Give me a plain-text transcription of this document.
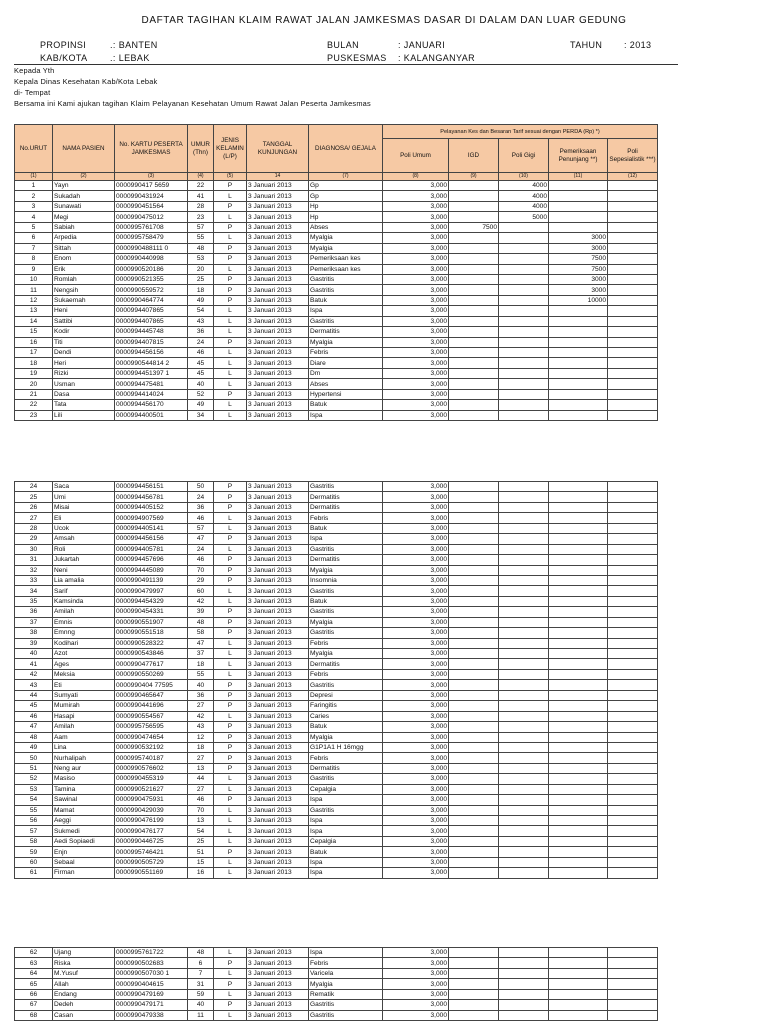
DAFTAR TAGIHAN KLAIM RAWAT JALAN JAMKESMAS DASAR DI DALAM DAN LUAR GEDUNG
PROPINSI	.: BANTEN
KAB/KOTA .: LEBAK
BULAN	: JANUARI
PUSKESMAS : KALANGANYAR
TAHUN : 2013
Kepada Yth
Kepala Dinas Kesehatan Kab/Kota Lebak
di- Tempat
Bersama ini Kami ajukan tagihan Klaim Pelayanan Kesehatan Umum Rawat Jalan Peserta Jamkesmas
No.URUT	NAMA PASIEN	No. KARTU PESERTA JAMKESMAS	UMUR (Thn)	JENIS KELAMIN (L/P)	TANGGAL KUNJUNGAN	DIAGNOSA/ GEJALA	Pelayanan Kes dan Besaran Tarif sesuai dengan PERDA (Rp) *)				
							Poli Umum	IGD	Poli Gigi	Pemeriksaan Penunjang **)	Poli Sepesialistik ***)
(1)	(2)	(3)	(4)	(5)	14	(7)	(8)	(9)	(10)	(11)	(12)
1	Yayn	0000990417 5659	22	P	3 Januari 2013	Gp	3,000		4000		
2	Sukadah	0000990431924	41	L	3 Januari 2013	Gp	3,000		4000		
3	Sunawati	0000990451564	28	P	3 Januari 2013	Hp	3,000		4000		
4	Megi	0000990475012	23	L	3 Januari 2013	Hp	3,000		5000		
5	Sabiah	0000995761708	57	P	3 Januari 2013	Abses	3,000	7500			
6	Arpedia	0000995758479	55	L	3 Januari 2013	Myalgia	3,000			3000	
7	Sittah	0000990488111 0	48	P	3 Januari 2013	Myalgia	3,000			3000	
8	Enom	0000990440998	53	P	3 Januari 2013	Pemeriksaan kes	3,000			7500	
9	Erik	0000990520186	20	L	3 Januari 2013	Pemeriksaan kes	3,000			7500	
10	Romlah	0000990521355	25	P	3 Januari 2013	Gastritis	3,000			3000	
11	Nengsih	0000990559572	18	P	3 Januari 2013	Gastritis	3,000			3000	
12	Sukaemah	0000990464774	49	P	3 Januari 2013	Batuk	3,000			10000	
13	Heni	0000994407865	54	L	3 Januari 2013	Ispa	3,000				
14	Sattibi	0000994407865	43	L	3 Januari 2013	Gastritis	3,000				
15	Kodir	0000994445748	36	L	3 Januari 2013	Dermatitis	3,000				
16	Titi	0000994407815	24	P	3 Januari 2013	Myalgia	3,000				
17	Dendi	0000994456156	46	L	3 Januari 2013	Febris	3,000				
18	Heri	0000990544814 2	45	L	3 Januari 2013	Diare	3,000				
19	Rizki	0000994451397 1	45	L	3 Januari 2013	Dm	3,000				
20	Usman	0000994475481	40	L	3 Januari 2013	Abses	3,000				
21	Dasa	0000994414024	52	P	3 Januari 2013	Hypertensi	3,000				
22	Tata	0000994456170	49	L	3 Januari 2013	Batuk	3,000				
23	Lili	0000994400501	34	L	3 Januari 2013	Ispa	3,000				
24	Saca	0000994456151	50	P	3 Januari 2013	Gastritis	3,000				
25	Umi	0000994456781	24	P	3 Januari 2013	Dermatitis	3,000				
26	Misai	0000994405152	36	P	3 Januari 2013	Dermatitis	3,000				
27	Eli	0000994907569	46	L	3 Januari 2013	Febris	3,000				
28	Ucok	0000994405141	57	L	3 Januari 2013	Batuk	3,000				
29	Amsah	0000994456156	47	P	3 Januari 2013	Ispa	3,000				
30	Roli	0000994405781	24	L	3 Januari 2013	Gastritis	3,000				
31	Jukartah	0000994457696	46	P	3 Januari 2013	Dermatitis	3,000				
32	Neni	0000994445089	70	P	3 Januari 2013	Myalgia	3,000				
33	Lia amalia	0000990491139	29	P	3 Januari 2013	Insomnia	3,000				
34	Sarif	0000990479997	60	L	3 Januari 2013	Gastritis	3,000				
35	Kamsinda	0000994454329	42	L	3 Januari 2013	Batuk	3,000				
36	Amilah	0000990454331	39	P	3 Januari 2013	Gastritis	3,000				
37	Emnis	0000990551907	48	P	3 Januari 2013	Myalgia	3,000				
38	Emnng	0000990551518	58	P	3 Januari 2013	Gastritis	3,000				
39	Kodihari	0000990528322	47	L	3 Januari 2013	Febris	3,000				
40	Azot	0000990543846	37	L	3 Januari 2013	Myalgia	3,000				
41	Ages	0000990477617	18	L	3 Januari 2013	Dermatitis	3,000				
42	Meksia	0000990550269	55	L	3 Januari 2013	Febris	3,000				
43	Eti	0000990404 77595	40	P	3 Januari 2013	Gastritis	3,000				
44	Sumyati	0000990465647	36	P	3 Januari 2013	Depresi	3,000				
45	Mumirah	0000990441696	27	P	3 Januari 2013	Faringitis	3,000				
46	Hasapi	0000990554567	42	L	3 Januari 2013	Caries	3,000				
47	Amilah	0000995756595	43	P	3 Januari 2013	Batuk	3,000				
48	Aam	0000990474654	12	P	3 Januari 2013	Myalgia	3,000				
49	Lina	0000990532192	18	P	3 Januari 2013	G1P1A1 H 16mgg	3,000				
50	Nurhalipah	0000995740187	27	P	3 Januari 2013	Febris	3,000				
51	Neng aur	0000990576602	13	P	3 Januari 2013	Dermatitis	3,000				
52	Masiso	0000990455319	44	L	3 Januari 2013	Gastritis	3,000				
53	Tamina	0000990521627	27	L	3 Januari 2013	Cepalgia	3,000				
54	Sawinal	0000990475931	46	P	3 Januari 2013	Ispa	3,000				
55	Mamat	0000990429039	70	L	3 Januari 2013	Gastritis	3,000				
56	Aeggi	0000990476199	13	L	3 Januari 2013	Ispa	3,000				
57	Sukmedi	0000990476177	54	L	3 Januari 2013	Ispa	3,000				
58	Aedi Sopiaedi	0000990446725	25	L	3 Januari 2013	Cepalgia	3,000				
59	Enjn	0000995746421	51	P	3 Januari 2013	Batuk	3,000				
60	Sebaal	0000990505729	15	L	3 Januari 2013	Ispa	3,000				
61	Firman	0000990551169	16	L	3 Januari 2013	Ispa	3,000				
62	Ujang	0000995761722	48	L	3 Januari 2013	Ispa	3,000				
63	Riska	0000990502683	6	P	3 Januari 2013	Febris	3,000				
64	M.Yusuf	0000990507030 1	7	L	3 Januari 2013	Varicela	3,000				
65	Allah	0000990404615	31	P	3 Januari 2013	Myalgia	3,000				
66	Endang	0000990479169	59	L	3 Januari 2013	Rematik	3,000				
67	Dedeh	0000990479171	40	P	3 Januari 2013	Gastritis	3,000				
68	Casan	0000990479338	11	L	3 Januari 2013	Gastritis	3,000				
